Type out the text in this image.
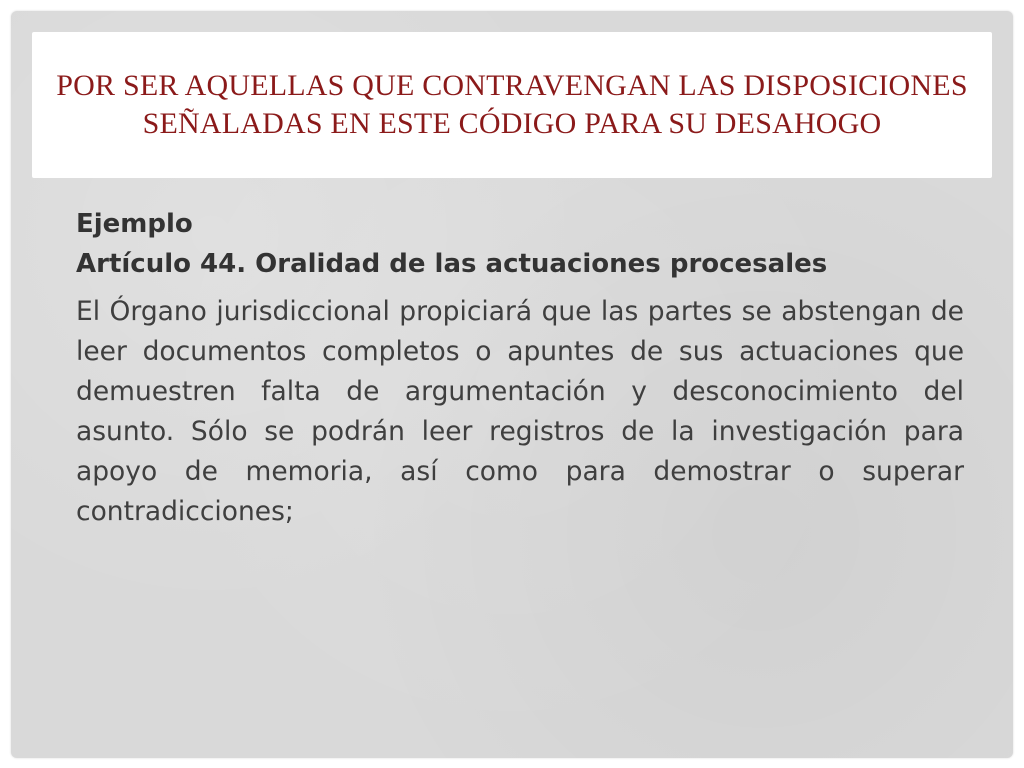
POR SER AQUELLAS QUE CONTRAVENGAN LAS DISPOSICIONES SEÑALADAS EN ESTE CÓDIGO PARA SU DESAHOGO

Ejemplo

Artículo 44. Oralidad de las actuaciones procesales

El Órgano jurisdiccional propiciará que las partes se abstengan de leer documentos completos o apuntes de sus actuaciones que demuestren falta de argumentación y desconocimiento del asunto. Sólo se podrán leer registros de la investigación para apoyo de memoria, así como para demostrar o superar contradicciones;
